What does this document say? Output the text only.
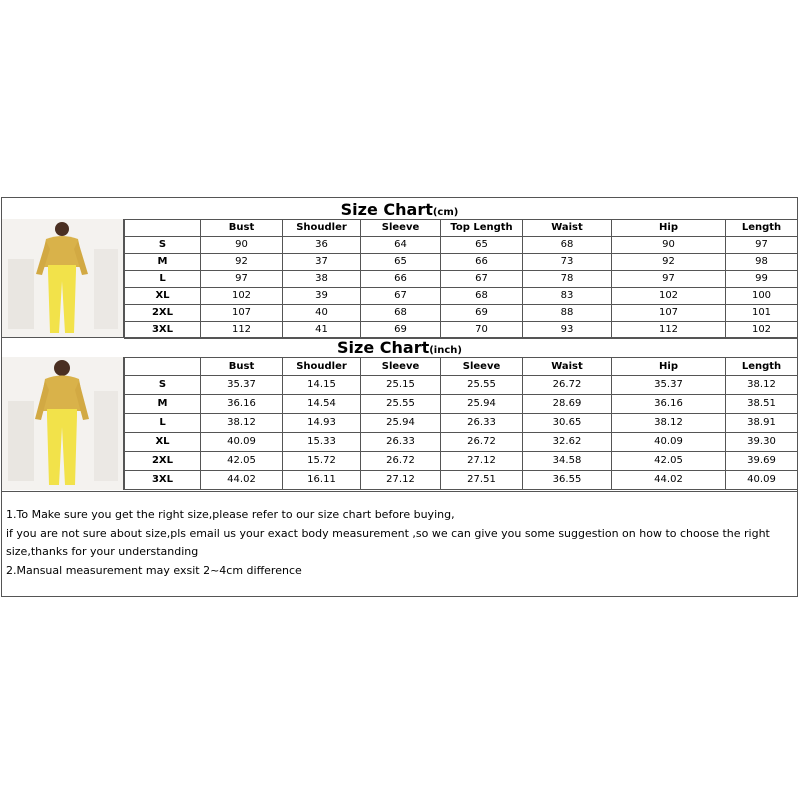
Size Chart(cm)
	Bust	Shoudler	Sleeve	Top Length	Waist	Hip	Length
S	90	36	64	65	68	90	97
M	92	37	65	66	73	92	98
L	97	38	66	67	78	97	99
XL	102	39	67	68	83	102	100
2XL	107	40	68	69	88	107	101
3XL	112	41	69	70	93	112	102
Size Chart(inch)
	Bust	Shoudler	Sleeve	Sleeve	Waist	Hip	Length
S	35.37	14.15	25.15	25.55	26.72	35.37	38.12
M	36.16	14.54	25.55	25.94	28.69	36.16	38.51
L	38.12	14.93	25.94	26.33	30.65	38.12	38.91
XL	40.09	15.33	26.33	26.72	32.62	40.09	39.30
2XL	42.05	15.72	26.72	27.12	34.58	42.05	39.69
3XL	44.02	16.11	27.12	27.51	36.55	44.02	40.09

1.To Make sure you get the right size,please refer to our size chart before buying,

if you are not sure about size,pls email us your exact body measurement ,so we can give you some suggestion on how to choose the right size,thanks for your understanding

2.Mansual measurement may exsit 2~4cm difference
